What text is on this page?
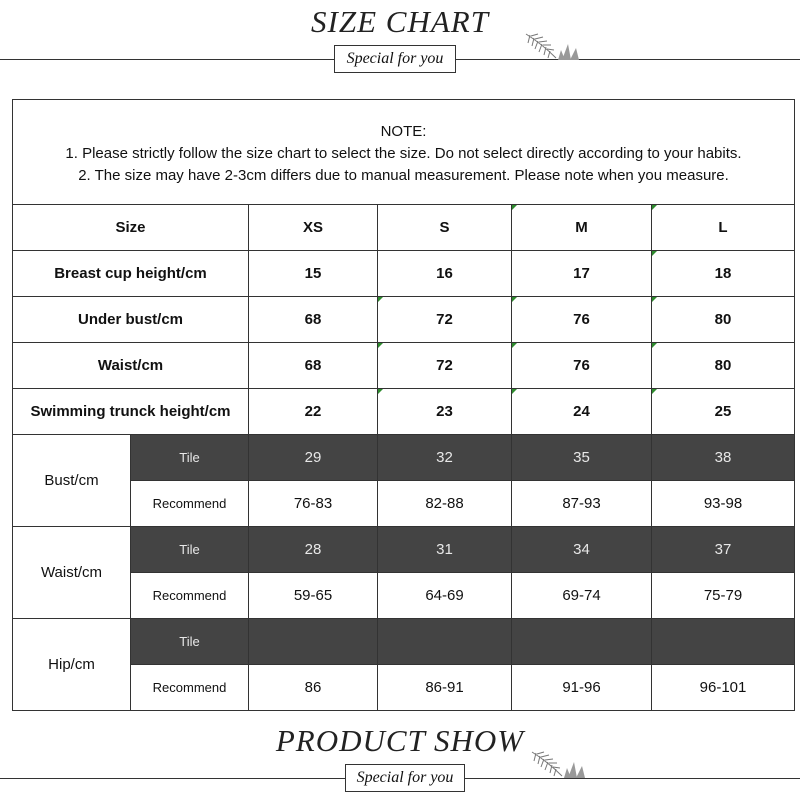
SIZE CHART
Special for you
NOTE:
1. Please strictly follow the size chart to select the size. Do not select directly according to your habits.
2. The size may have 2-3cm differs due to manual measurement. Please note when you measure.					

Size		XS	S	M	L
Breast cup height/cm		15	16	17	18
Under bust/cm		68	72	76	80
Waist/cm		68	72	76	80
Swimming trunck height/cm		22	23	24	25
Bust/cm	Tile	29	32	35	38
	Recommend	76-83	82-88	87-93	93-98
Waist/cm	Tile	28	31	34	37
	Recommend	59-65	64-69	69-74	75-79
Hip/cm	Tile				
	Recommend	86	86-91	91-96	96-101
PRODUCT SHOW
Special for you
